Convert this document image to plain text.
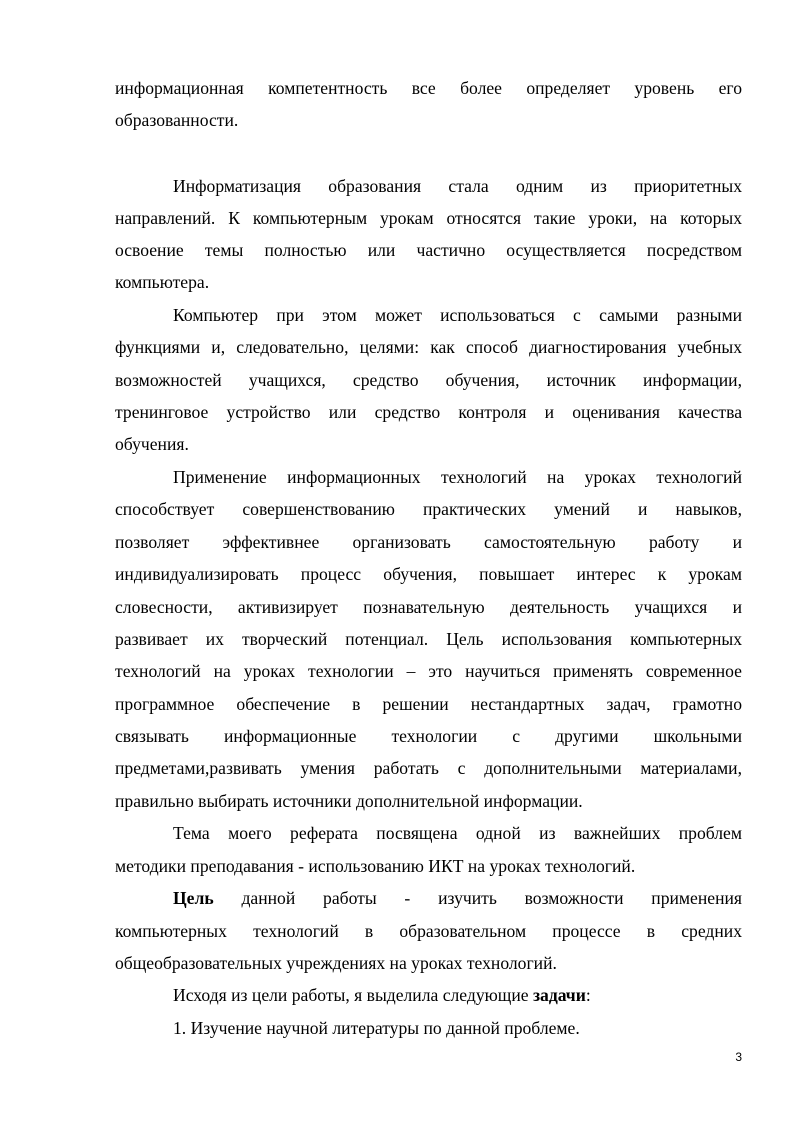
информационная компетентность все более определяет уровень его
образованности.
Информатизация образования стала одним из приоритетных
направлений. К компьютерным урокам относятся такие уроки, на которых
освоение темы полностью или частично осуществляется посредством
компьютера.
Компьютер при этом может использоваться с самыми разными
функциями и, следовательно, целями: как способ диагностирования учебных
возможностей учащихся, средство обучения, источник информации,
тренинговое устройство или средство контроля и оценивания качества
обучения.
Применение информационных технологий на уроках технологий
способствует совершенствованию практических умений и навыков,
позволяет эффективнее организовать самостоятельную работу и
индивидуализировать процесс обучения, повышает интерес к урокам
словесности, активизирует познавательную деятельность учащихся и
развивает их творческий потенциал. Цель использования компьютерных
технологий на уроках технологии – это научиться применять современное
программное обеспечение в решении нестандартных задач, грамотно
связывать информационные технологии с другими школьными
предметами,развивать умения работать с дополнительными материалами,
правильно выбирать источники дополнительной информации.
Тема моего реферата посвящена одной из важнейших проблем
методики преподавания - использованию ИКТ на уроках технологий.
Цель данной работы - изучить возможности применения
компьютерных технологий в образовательном процессе в средних
общеобразовательных учреждениях на уроках технологий.
Исходя из цели работы, я выделила следующие задачи:
1. Изучение научной литературы по данной проблеме.
3
